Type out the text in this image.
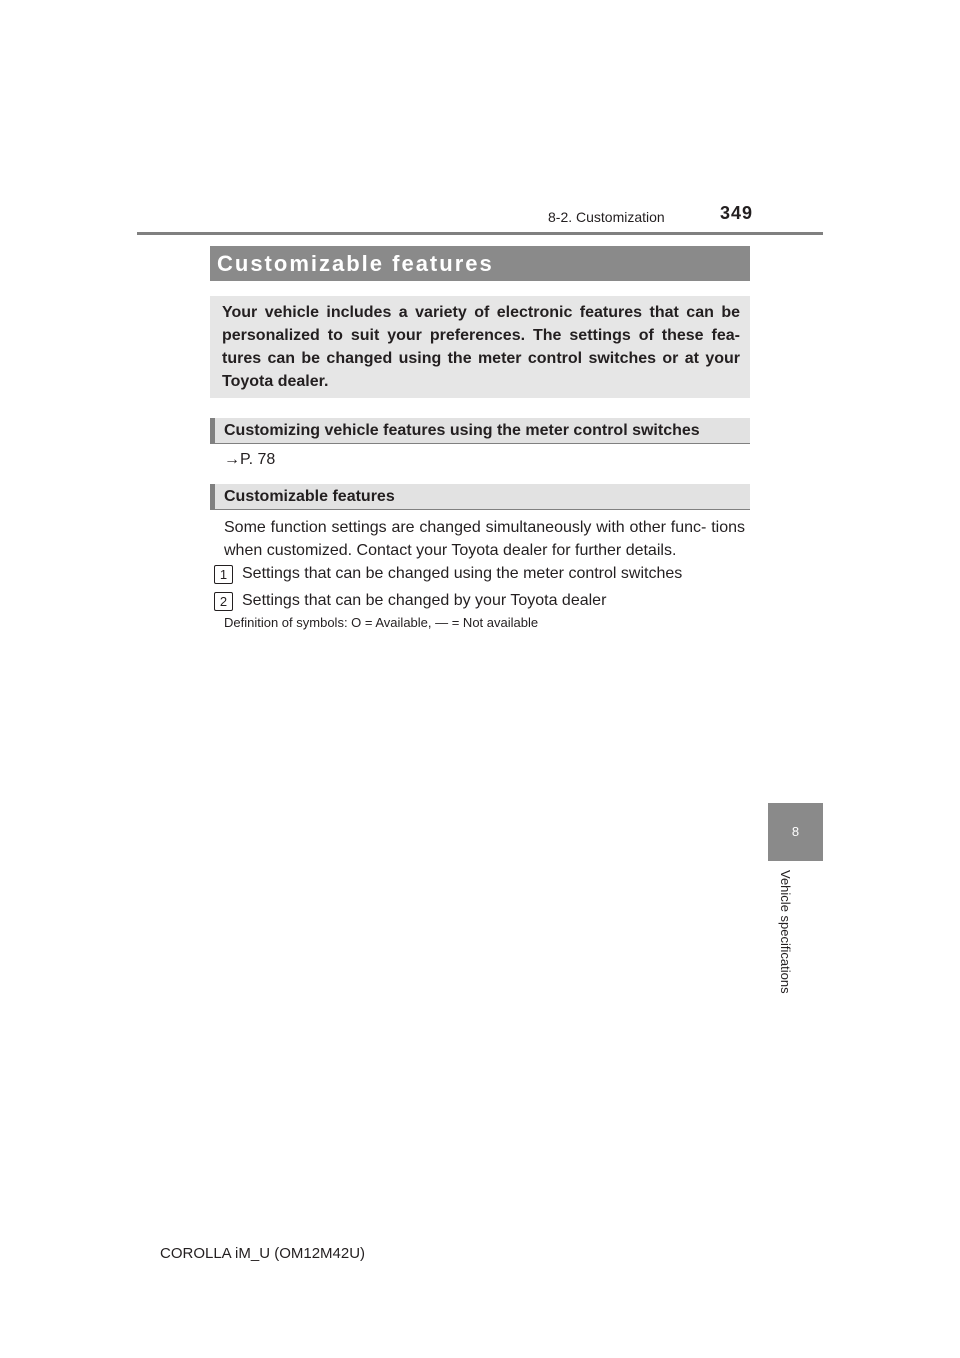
8-2. Customization	349
Customizable features
Your vehicle includes a variety of electronic features that can be personalized to suit your preferences. The settings of these fea- tures can be changed using the meter control switches or at your Toyota dealer.
Customizing vehicle features using the meter control switches
→P. 78
Customizable features
Some function settings are changed simultaneously with other func- tions when customized. Contact your Toyota dealer for further details.
1 Settings that can be changed using the meter control switches
2 Settings that can be changed by your Toyota dealer
Definition of symbols: O = Available, — = Not available
8
Vehicle specifications
COROLLA iM_U (OM12M42U)
